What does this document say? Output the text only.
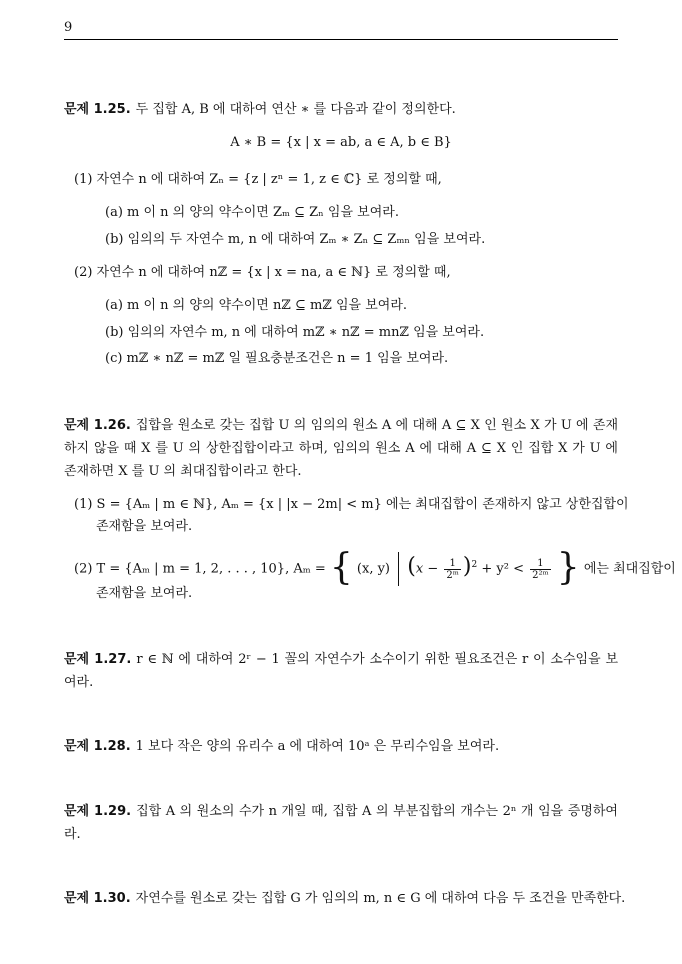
9
문제 1.25. 두 집합 A, B 에 대하여 연산 ∗ 를 다음과 같이 정의한다.
A ∗ B = {x | x = ab, a ∈ A, b ∈ B}
(1) 자연수 n 에 대하여 Zₙ = {z | zⁿ = 1, z ∈ ℂ} 로 정의할 때,
(a) m 이 n 의 양의 약수이면 Zₘ ⊆ Zₙ 임을 보여라.
(b) 임의의 두 자연수 m, n 에 대하여 Zₘ ∗ Zₙ ⊆ Zₘₙ 임을 보여라.
(2) 자연수 n 에 대하여 nℤ = {x | x = na, a ∈ ℕ} 로 정의할 때,
(a) m 이 n 의 양의 약수이면 nℤ ⊆ mℤ 임을 보여라.
(b) 임의의 자연수 m, n 에 대하여 mℤ ∗ nℤ = mnℤ 임을 보여라.
(c) mℤ ∗ nℤ = mℤ 일 필요충분조건은 n = 1 임을 보여라.
문제 1.26. 집합을 원소로 갖는 집합 U 의 임의의 원소 A 에 대해 A ⊆ X 인 원소 X 가 U 에 존재하지 않을 때 X 를 U 의 상한집합이라고 하며, 임의의 원소 A 에 대해 A ⊆ X 인 집합 X 가 U 에 존재하면 X 를 U 의 최대집합이라고 한다.
(1) S = {Aₘ | m ∈ ℕ}, Aₘ = {x | |x − 2m| < m} 에는 최대집합이 존재하지 않고 상한집합이
존재함을 보여라.
(2) T = {Aₘ | m = 1, 2, . . . , 10}, Aₘ = { (x, y) $(x - \frac{1}{\text{2ᵐ}} )^2 + y^2 < \frac{1}{\text{2²ᵐ}}$ } 에는 최대집합이
존재함을 보여라.
문제 1.27. r ∈ ℕ 에 대하여 2ʳ − 1 꼴의 자연수가 소수이기 위한 필요조건은 r 이 소수임을 보여라.
문제 1.28. 1 보다 작은 양의 유리수 a 에 대하여 10ᵃ 은 무리수임을 보여라.
문제 1.29. 집합 A 의 원소의 수가 n 개일 때, 집합 A 의 부분집합의 개수는 2ⁿ 개 임을 증명하여라.
문제 1.30. 자연수를 원소로 갖는 집합 G 가 임의의 m, n ∈ G 에 대하여 다음 두 조건을 만족한다.
